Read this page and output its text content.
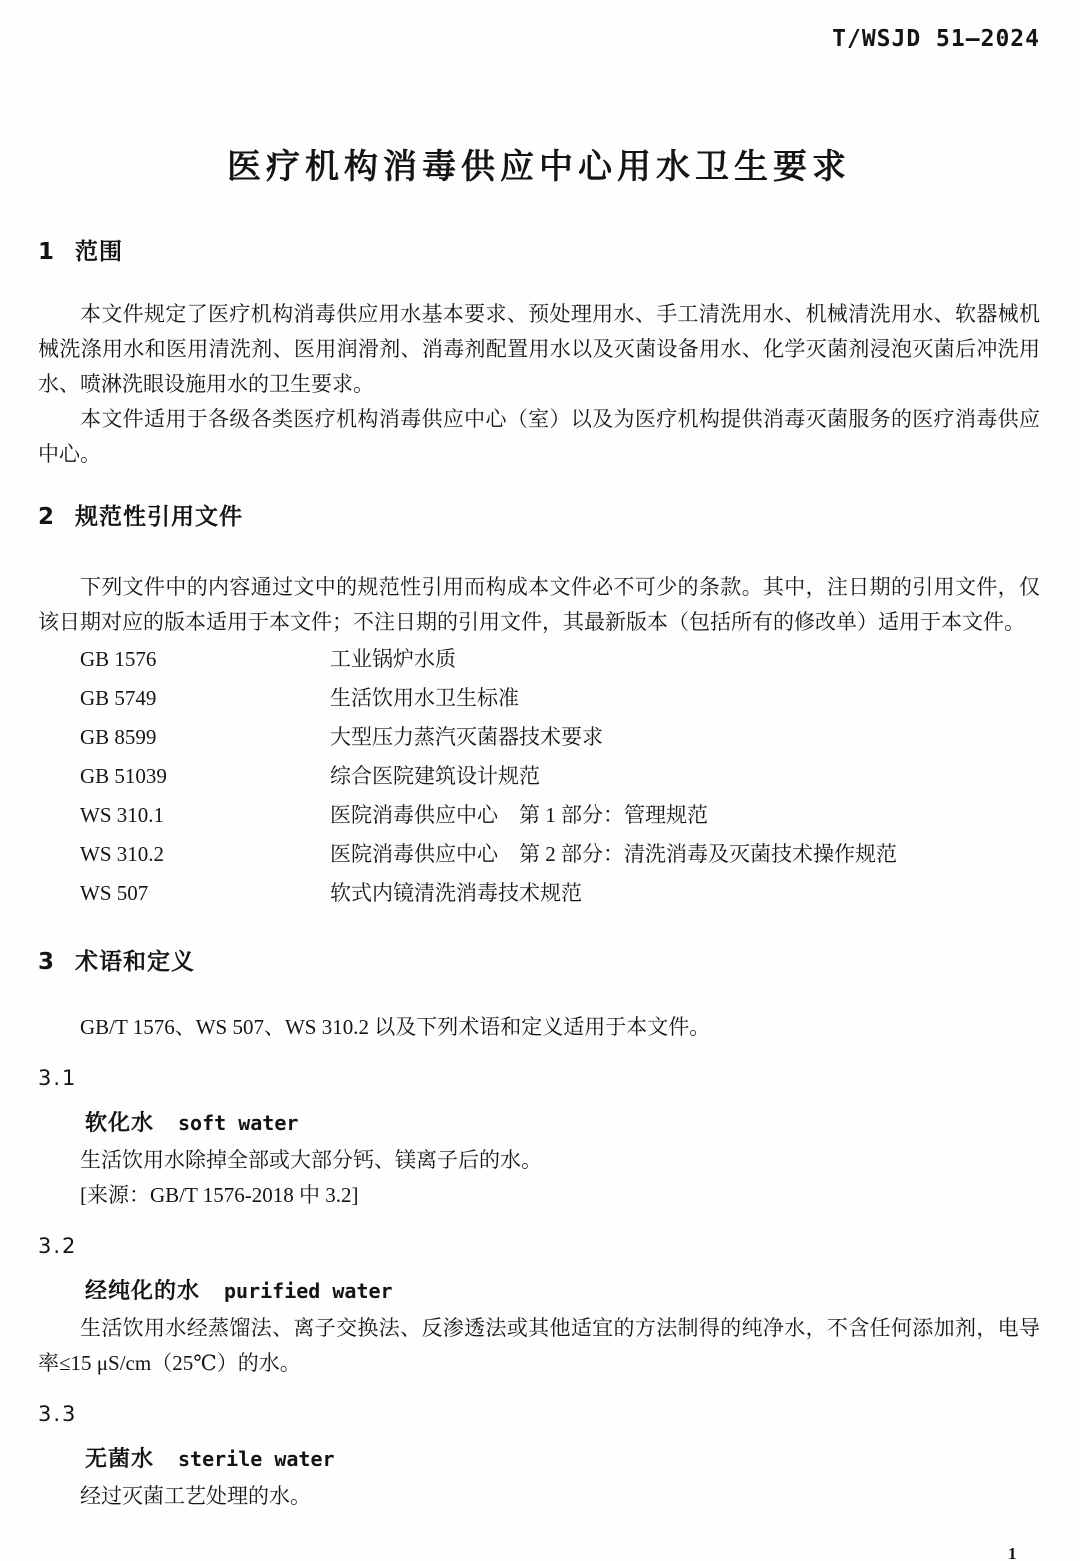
T/WSJD 51—2024
医疗机构消毒供应中心用水卫生要求
1 范围

本文件规定了医疗机构消毒供应用水基本要求、预处理用水、手工清洗用水、机械清洗用水、软器械机械洗涤用水和医用清洗剂、医用润滑剂、消毒剂配置用水以及灭菌设备用水、化学灭菌剂浸泡灭菌后冲洗用水、喷淋洗眼设施用水的卫生要求。

本文件适用于各级各类医疗机构消毒供应中心（室）以及为医疗机构提供消毒灭菌服务的医疗消毒供应中心。

2 规范性引用文件

下列文件中的内容通过文中的规范性引用而构成本文件必不可少的条款。其中，注日期的引用文件，仅该日期对应的版本适用于本文件；不注日期的引用文件，其最新版本（包括所有的修改单）适用于本文件。

GB 1576	工业锅炉水质
GB 5749	生活饮用水卫生标准
GB 8599	大型压力蒸汽灭菌器技术要求
GB 51039	综合医院建筑设计规范
WS 310.1	医院消毒供应中心　第 1 部分：管理规范
WS 310.2	医院消毒供应中心　第 2 部分：清洗消毒及灭菌技术操作规范
WS 507	软式内镜清洗消毒技术规范
3 术语和定义

GB/T 1576、WS 507、WS 310.2 以及下列术语和定义适用于本文件。

3.1
软化水 soft water

生活饮用水除掉全部或大部分钙、镁离子后的水。

[来源：GB/T 1576-2018 中 3.2]

3.2
经纯化的水 purified water

生活饮用水经蒸馏法、离子交换法、反渗透法或其他适宜的方法制得的纯净水，不含任何添加剂，电导率≤15 μS/cm（25℃）的水。

3.3
无菌水 sterile water

经过灭菌工艺处理的水。

1
